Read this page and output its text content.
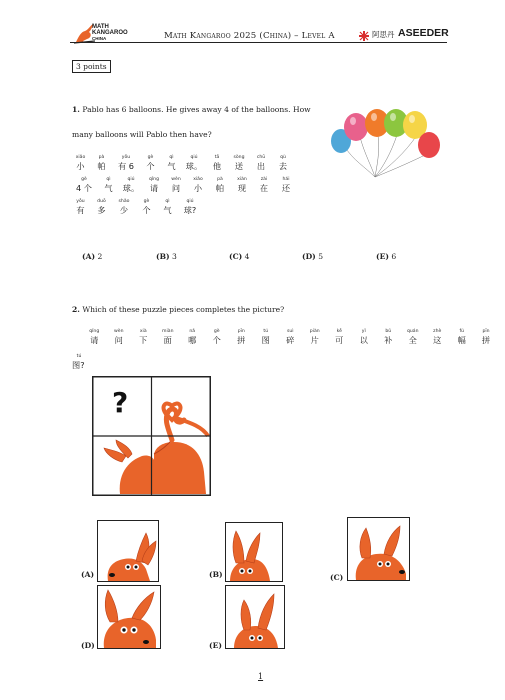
MATH
KANGAROO
CHINA	Math Kangaroo 2025 (China) – Level A	阿思丹 ASEEDER
3 points
1. Pablo has 6 balloons. He gives away 4 of the balloons. How
many balloons will Pablo then have?
xiǎo	pà	yǒu	gè	qì	qiú	tā	sòng	chū	qù
小	帕	有 6	个	气	球。	他	送	出	去
gè	qì	qiú	qǐng	wèn	xiǎo	pà	xiàn	zài	hái
4 个	气	球。	请	问	小	帕	现	在	还
yǒu	duō	shǎo	gè	qì	qiú
有	多	少	个	气	球?
(A) 2	(B) 3	(C) 4	(D) 5	(E) 6
2. Which of these puzzle pieces completes the picture?
qǐng	wèn	xià	miàn	nǎ	gè	pīn	tú	suì	piàn	kě	yǐ	bǔ	quán	zhè	fú
请	问	下	面	哪	个	拼	图	碎	片	可	以	补	全	这	幅
pīn
拼
tú
图?
?
(A)	(B)	(C)
(D)	(E)
1
